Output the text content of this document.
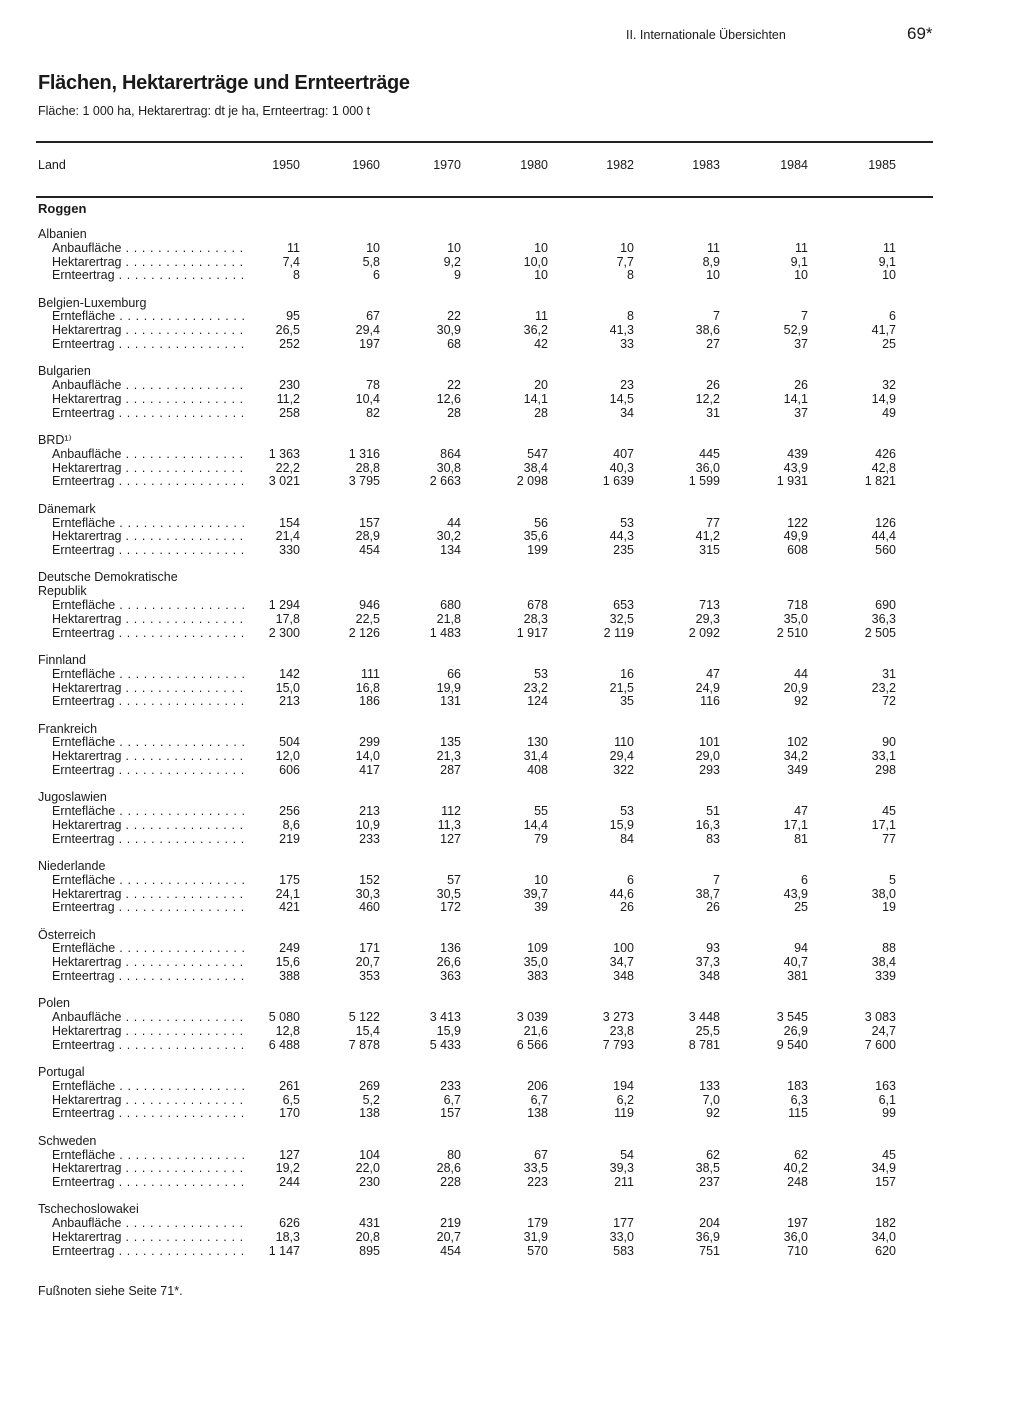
II. Internationale Übersichten	69*
Flächen, Hektarerträge und Ernteerträge
Fläche: 1 000 ha, Hektarertrag: dt je ha, Ernteertrag: 1 000 t
Land	1950	1960	1970	1980	1982	1983	1984	1985
Roggen
Albanien
Anbaufläche . . .	11	10	10	10	10	11	11	11
Hektarertrag . . .	7,4	5,8	9,2	10,0	7,7	8,9	9,1	9,1
Ernteertrag . . .	8	6	9	10	8	10	10	10
Belgien-Luxemburg
Erntefläche . . .	95	67	22	11	8	7	7	6
Hektarertrag . . .	26,5	29,4	30,9	36,2	41,3	38,6	52,9	41,7
Ernteertrag . . .	252	197	68	42	33	27	37	25
Bulgarien
Anbaufläche . . .	230	78	22	20	23	26	26	32
Hektarertrag . . .	11,2	10,4	12,6	14,1	14,5	12,2	14,1	14,9
Ernteertrag . . .	258	82	28	28	34	31	37	49
BRD¹⁾
Anbaufläche . . .	1 363	1 316	864	547	407	445	439	426
Hektarertrag . . .	22,2	28,8	30,8	38,4	40,3	36,0	43,9	42,8
Ernteertrag . . .	3 021	3 795	2 663	2 098	1 639	1 599	1 931	1 821
Dänemark
Erntefläche . . .	154	157	44	56	53	77	122	126
Hektarertrag . . .	21,4	28,9	30,2	35,6	44,3	41,2	49,9	44,4
Ernteertrag . . .	330	454	134	199	235	315	608	560
Deutsche Demokratische
Republik
Erntefläche . . .	1 294	946	680	678	653	713	718	690
Hektarertrag . . .	17,8	22,5	21,8	28,3	32,5	29,3	35,0	36,3
Ernteertrag . . .	2 300	2 126	1 483	1 917	2 119	2 092	2 510	2 505
Finnland
Erntefläche . . .	142	111	66	53	16	47	44	31
Hektarertrag . . .	15,0	16,8	19,9	23,2	21,5	24,9	20,9	23,2
Ernteertrag . . .	213	186	131	124	35	116	92	72
Frankreich
Erntefläche . . .	504	299	135	130	110	101	102	90
Hektarertrag . . .	12,0	14,0	21,3	31,4	29,4	29,0	34,2	33,1
Ernteertrag . . .	606	417	287	408	322	293	349	298
Jugoslawien
Erntefläche . . .	256	213	112	55	53	51	47	45
Hektarertrag . . .	8,6	10,9	11,3	14,4	15,9	16,3	17,1	17,1
Ernteertrag . . .	219	233	127	79	84	83	81	77
Niederlande
Erntefläche . . .	175	152	57	10	6	7	6	5
Hektarertrag . . .	24,1	30,3	30,5	39,7	44,6	38,7	43,9	38,0
Ernteertrag . . .	421	460	172	39	26	26	25	19
Österreich
Erntefläche . . .	249	171	136	109	100	93	94	88
Hektarertrag . . .	15,6	20,7	26,6	35,0	34,7	37,3	40,7	38,4
Ernteertrag . . .	388	353	363	383	348	348	381	339
Polen
Anbaufläche . . .	5 080	5 122	3 413	3 039	3 273	3 448	3 545	3 083
Hektarertrag . . .	12,8	15,4	15,9	21,6	23,8	25,5	26,9	24,7
Ernteertrag . . .	6 488	7 878	5 433	6 566	7 793	8 781	9 540	7 600
Portugal
Erntefläche . . .	261	269	233	206	194	133	183	163
Hektarertrag . . .	6,5	5,2	6,7	6,7	6,2	7,0	6,3	6,1
Ernteertrag . . .	170	138	157	138	119	92	115	99
Schweden
Erntefläche . . .	127	104	80	67	54	62	62	45
Hektarertrag . . .	19,2	22,0	28,6	33,5	39,3	38,5	40,2	34,9
Ernteertrag . . .	244	230	228	223	211	237	248	157
Tschechoslowakei
Anbaufläche . . .	626	431	219	179	177	204	197	182
Hektarertrag . . .	18,3	20,8	20,7	31,9	33,0	36,9	36,0	34,0
Ernteertrag . . .	1 147	895	454	570	583	751	710	620
Fußnoten siehe Seite 71*.
